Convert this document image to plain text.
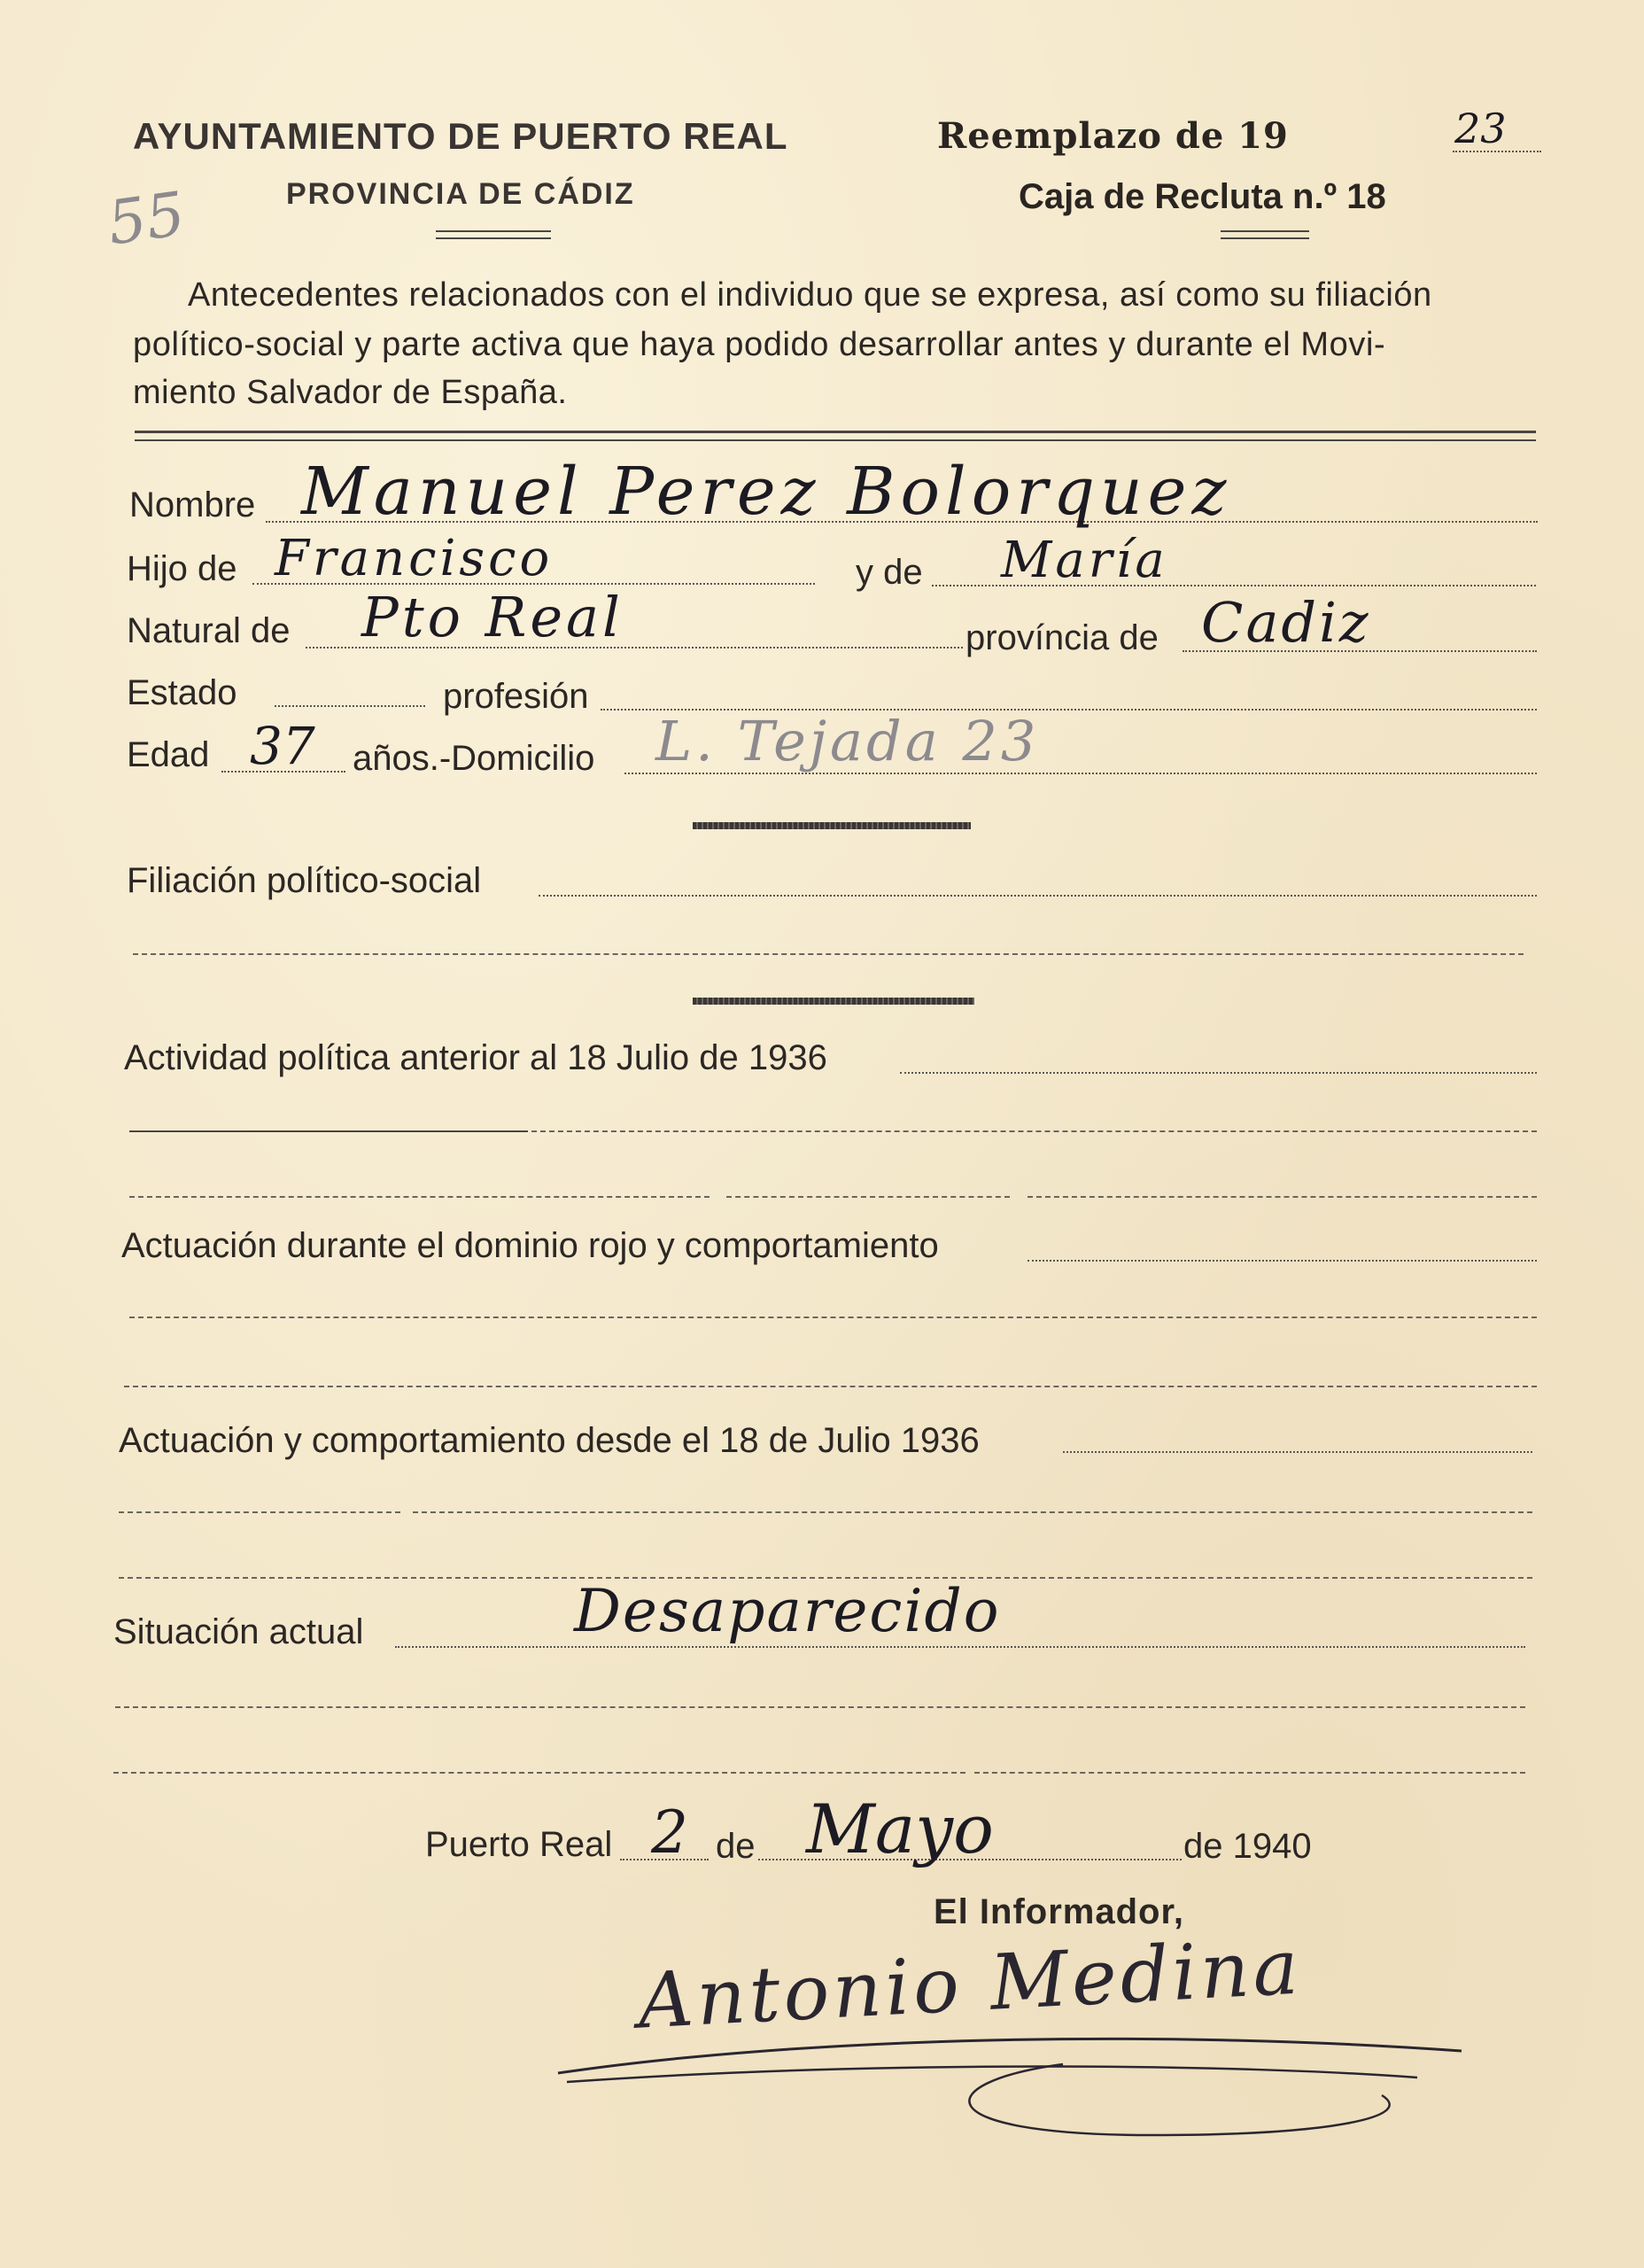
AYUNTAMIENTO DE PUERTO REAL
PROVINCIA DE CÁDIZ
Reemplazo de 19	23
Caja de Recluta n.º 18
55
Antecedentes relacionados con el individuo que se expresa, así como su filiación
político-social y parte activa que haya podido desarrollar antes y durante el Movi-
miento Salvador de España.
Nombre Manuel Perez Bolorquez
Hijo de Francisco	y de María
Natural de Pto Real	província de Cadiz
Estado	profesión
Edad 37 años.-Domicilio L. Tejada 23
Filiación político-social
Actividad política anterior al 18 Julio de 1936
Actuación durante el dominio rojo y comportamiento
Actuación y comportamiento desde el 18 de Julio 1936
Situación actual	Desaparecido
Puerto Real 2 de Mayo	de 1940
El Informador,
Antonio Medina
